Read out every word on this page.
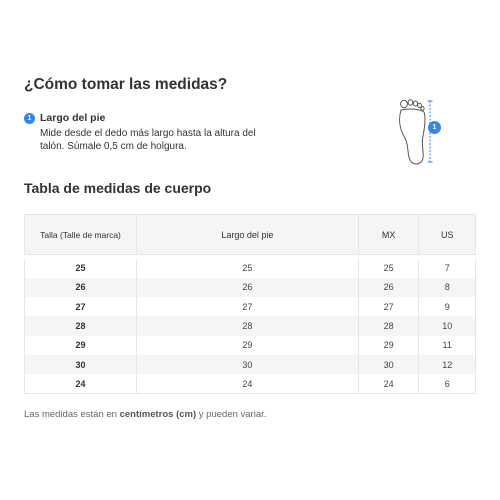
¿Cómo tomar las medidas?
1 Largo del pie
Mide desde el dedo más largo hasta la altura del talón. Súmale 0,5 cm de holgura.
1
Tabla de medidas de cuerpo
Talla (Talle de marca)	Largo del pie	MX	US

25	25	25	7
26	26	26	8
27	27	27	9
28	28	28	10
29	29	29	11
30	30	30	12
24	24	24	6
Las medidas están en centímetros (cm) y pueden variar.
